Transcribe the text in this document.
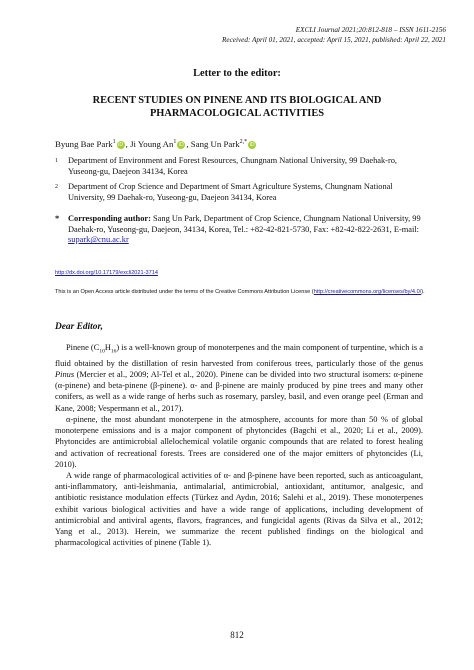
EXCLI Journal 2021;20:812-818 – ISSN 1611-2156
Received: April 01, 2021, accepted: April 15, 2021, published: April 22, 2021
Letter to the editor:
RECENT STUDIES ON PINENE AND ITS BIOLOGICAL AND PHARMACOLOGICAL ACTIVITIES
Byung Bae Park$^1$ iD , Ji Young An$^1$ iD , Sang Un Park$^{2,*}$ iD
1 Department of Environment and Forest Resources, Chungnam National University, 99 Daehak-ro, Yuseong-gu, Daejeon 34134, Korea
2 Department of Crop Science and Department of Smart Agriculture Systems, Chungnam National University, 99 Daehak-ro, Yuseong-gu, Daejeon 34134, Korea
* Corresponding author: Sang Un Park, Department of Crop Science, Chungnam National University, 99 Daehak-ro, Yuseong-gu, Daejeon, 34134, Korea, Tel.: +82-42-821-5730, Fax: +82-42-822-2631, E-mail: supark@cnu.ac.kr
http://dx.doi.org/10.17179/excli2021-3714
This is an Open Access article distributed under the terms of the Creative Commons Attribution License (http://creativecommons.org/licenses/by/4.0/).
Dear Editor,

Pinene $(C_{10}H_{16})$ is a well-known group of monoterpenes and the main component of turpentine, which is a fluid obtained by the distillation of resin harvested from coniferous trees, particularly those of the genus Pinus (Mercier et al., 2009; Al-Tel et al., 2020). Pinene can be divided into two structural isomers: α-pinene (α-pinene) and beta-pinene (β-pinene). α- and β-pinene are mainly produced by pine trees and many other conifers, as well as a wide range of herbs such as rosemary, parsley, basil, and even orange peel (Erman and Kane, 2008; Vespermann et al., 2017).

α-pinene, the most abundant monoterpene in the atmosphere, accounts for more than 50 % of global monoterpene emissions and is a major component of phytoncides (Bagchi et al., 2020; Li et al., 2009). Phytoncides are antimicrobial allelochemical volatile organic compounds that are related to forest healing and activation of recreational forests. Trees are considered one of the major emitters of phytoncides (Li, 2010).

A wide range of pharmacological activities of α- and β-pinene have been reported, such as anticoagulant, anti-inflammatory, anti-leishmania, antimalarial, antimicrobial, antioxidant, antitumor, analgesic, and antibiotic resistance modulation effects (Türkez and Aydın, 2016; Salehi et al., 2019). These monoterpenes exhibit various biological activities and have a wide range of applications, including development of antimicrobial and antiviral agents, flavors, fragrances, and fungicidal agents (Rivas da Silva et al., 2012; Yang et al., 2013). Herein, we summarize the recent published findings on the biological and pharmacological activities of pinene (Table 1).

812
